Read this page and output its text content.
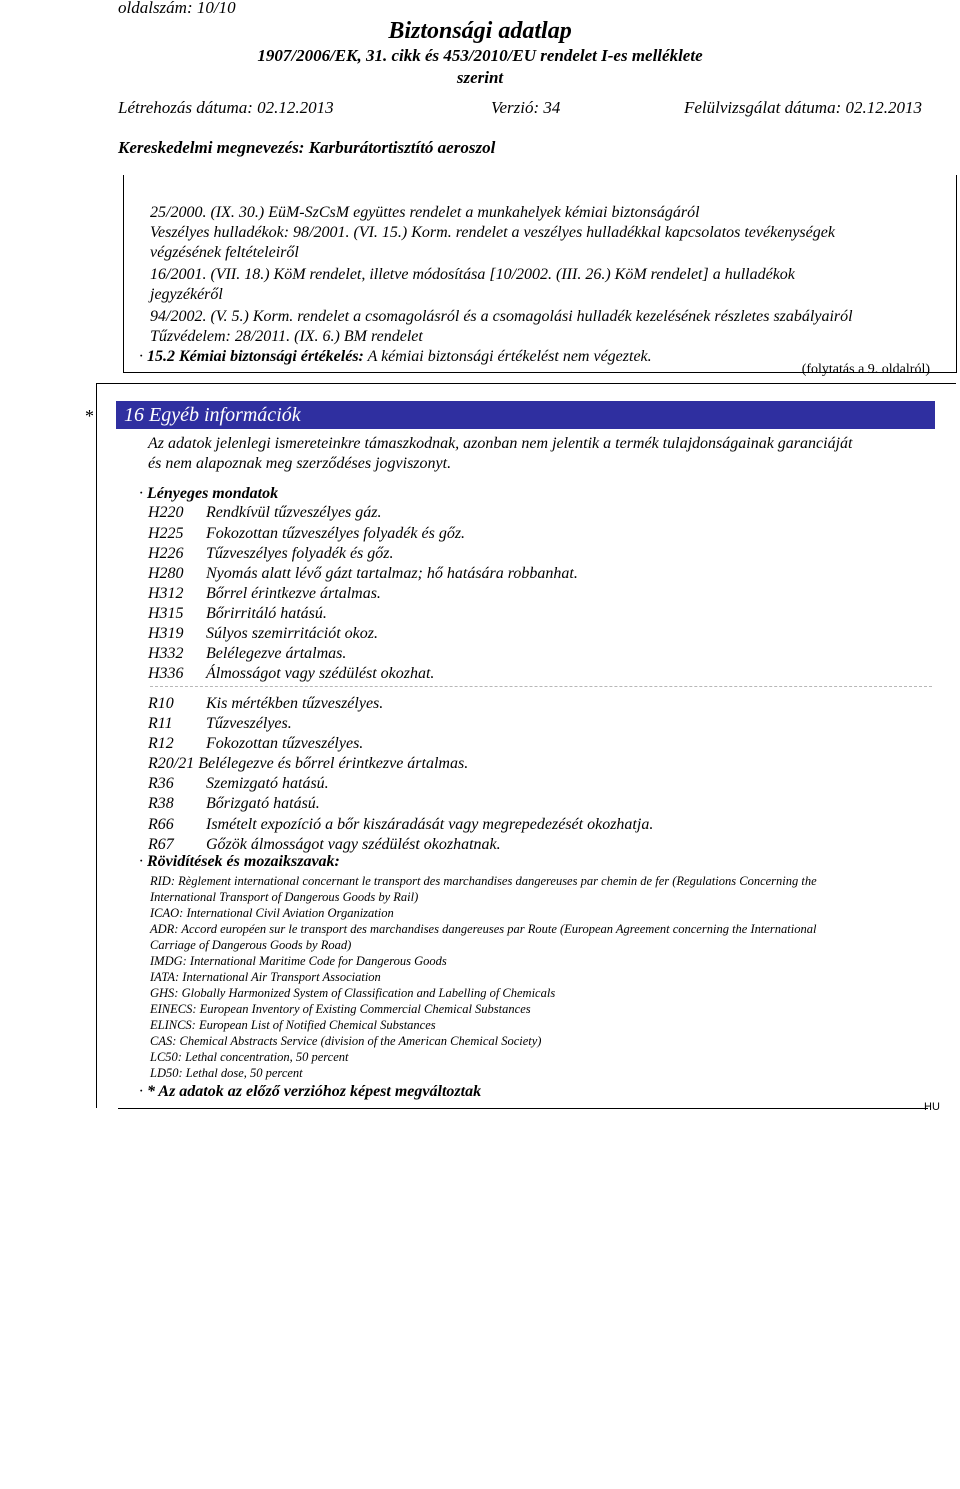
oldalszám: 10/10
Biztonsági adatlap
1907/2006/EK, 31. cikk és 453/2010/EU rendelet I-es melléklete
szerint
Létrehozás dátuma: 02.12.2013	Verzió: 34	Felülvizsgálat dátuma: 02.12.2013
Kereskedelmi megnevezés: Karburátortisztító aeroszol
(folytatás a 9. oldalról)
25/2000. (IX. 30.) EüM-SzCsM együttes rendelet a munkahelyek kémiai biztonságáról
Veszélyes hulladékok: 98/2001. (VI. 15.) Korm. rendelet a veszélyes hulladékkal kapcsolatos tevékenységek
végzésének feltételeiről
16/2001. (VII. 18.) KöM rendelet, illetve módosítása [10/2002. (III. 26.) KöM rendelet] a hulladékok
jegyzékéről
94/2002. (V. 5.) Korm. rendelet a csomagolásról és a csomagolási hulladék kezelésének részletes szabályairól
Tűzvédelem: 28/2011. (IX. 6.) BM rendelet
· 15.2 Kémiai biztonsági értékelés: A kémiai biztonsági értékelést nem végeztek.
* 16 Egyéb információk
Az adatok jelenlegi ismereteinkre támaszkodnak, azonban nem jelentik a termék tulajdonságainak garanciáját
és nem alapoznak meg szerződéses jogviszonyt.
· Lényeges mondatok
H220 Rendkívül tűzveszélyes gáz.
H225 Fokozottan tűzveszélyes folyadék és gőz.
H226 Tűzveszélyes folyadék és gőz.
H280 Nyomás alatt lévő gázt tartalmaz; hő hatására robbanhat.
H312 Bőrrel érintkezve ártalmas.
H315 Bőrirritáló hatású.
H319 Súlyos szemirritációt okoz.
H332 Belélegezve ártalmas.
H336 Álmosságot vagy szédülést okozhat.
R10 Kis mértékben tűzveszélyes.
R11 Tűzveszélyes.
R12 Fokozottan tűzveszélyes.
R20/21 Belélegezve és bőrrel érintkezve ártalmas.
R36 Szemizgató hatású.
R38 Bőrizgató hatású.
R66 Ismételt expozíció a bőr kiszáradását vagy megrepedezését okozhatja.
R67 Gőzök álmosságot vagy szédülést okozhatnak.
· Rövidítések és mozaikszavak:
RID: Règlement international concernant le transport des marchandises dangereuses par chemin de fer (Regulations Concerning the
International Transport of Dangerous Goods by Rail)
ICAO: International Civil Aviation Organization
ADR: Accord européen sur le transport des marchandises dangereuses par Route (European Agreement concerning the International
Carriage of Dangerous Goods by Road)
IMDG: International Maritime Code for Dangerous Goods
IATA: International Air Transport Association
GHS: Globally Harmonized System of Classification and Labelling of Chemicals
EINECS: European Inventory of Existing Commercial Chemical Substances
ELINCS: European List of Notified Chemical Substances
CAS: Chemical Abstracts Service (division of the American Chemical Society)
LC50: Lethal concentration, 50 percent
LD50: Lethal dose, 50 percent
· * Az adatok az előző verzióhoz képest megváltoztak
HU
